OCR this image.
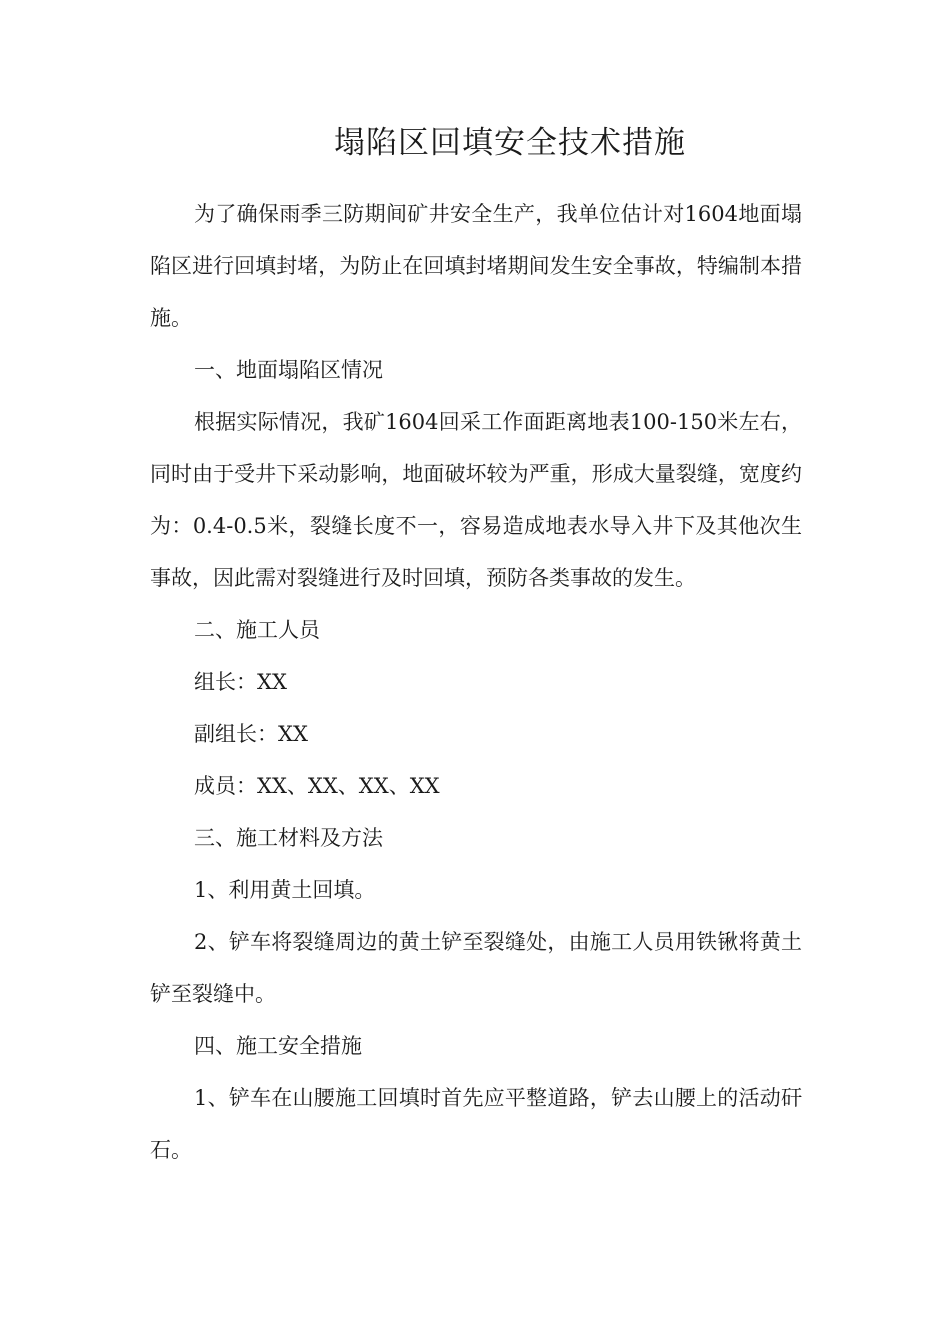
塌陷区回填安全技术措施

为了确保雨季三防期间矿井安全生产，我单位估计对1604地面塌陷区进行回填封堵，为防止在回填封堵期间发生安全事故，特编制本措施。

一、地面塌陷区情况

根据实际情况，我矿1604回采工作面距离地表100-150米左右，同时由于受井下采动影响，地面破坏较为严重，形成大量裂缝，宽度约为：0.4-0.5米，裂缝长度不一，容易造成地表水导入井下及其他次生事故，因此需对裂缝进行及时回填，预防各类事故的发生。

二、施工人员

组长：XX

副组长：XX

成员：XX、XX、XX、XX

三、施工材料及方法

1、利用黄土回填。

2、铲车将裂缝周边的黄土铲至裂缝处，由施工人员用铁锹将黄土铲至裂缝中。

四、施工安全措施

1、铲车在山腰施工回填时首先应平整道路，铲去山腰上的活动矸石。
